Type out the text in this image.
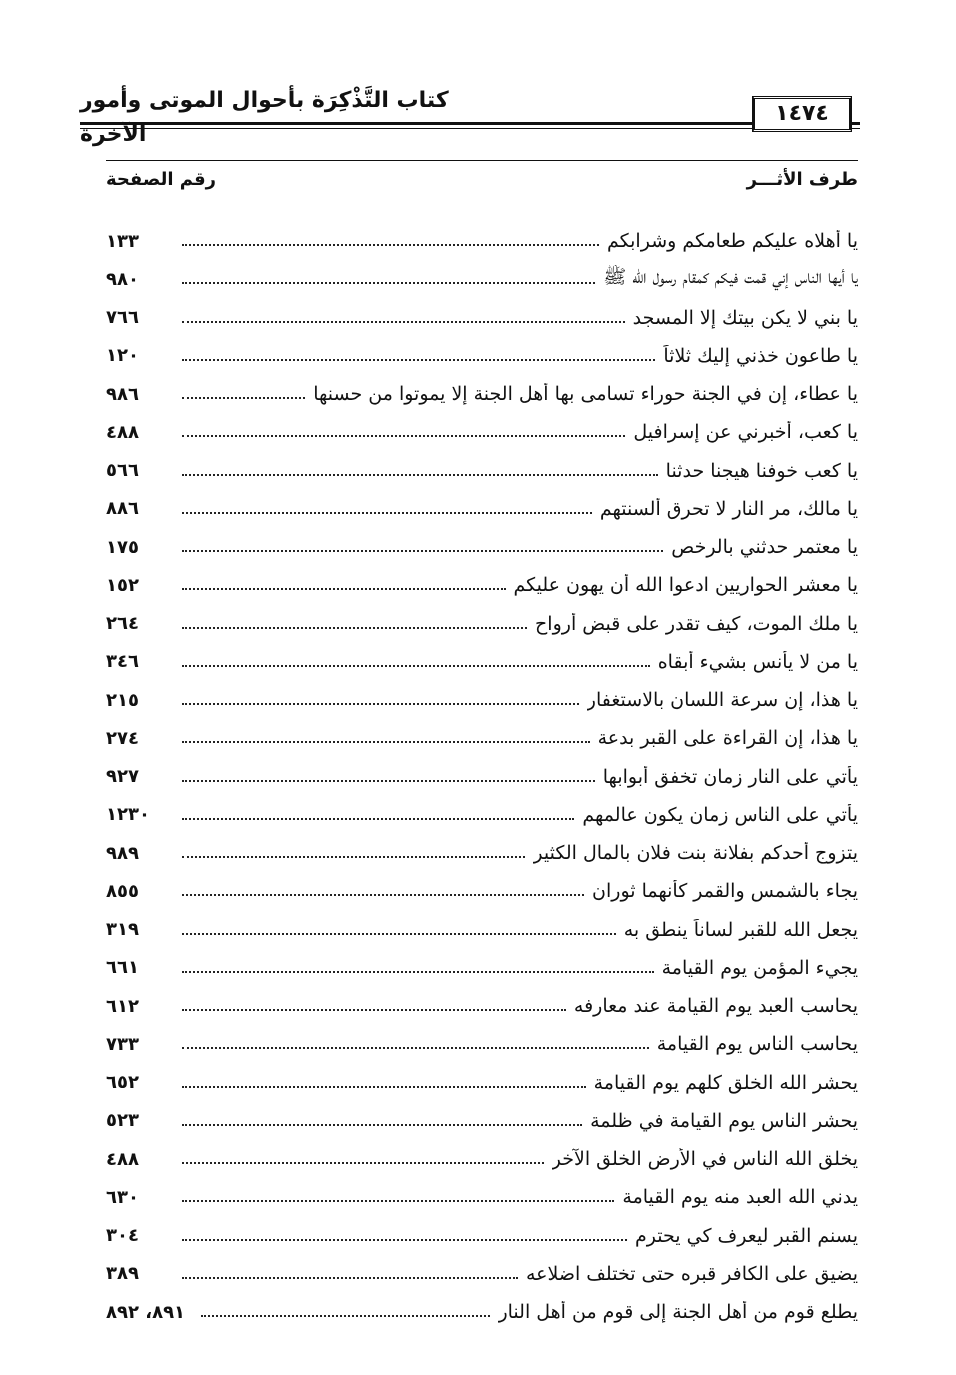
كتاب التَّذْكِرَة بأحوال الموتى وأمور الآخرة
١٤٧٤
رقم الصفحة	طرف الأثـــر
١٣٣	يا أهلاه عليكم طعامكم وشرابكم
٩٨٠	يا أيها الناس إني قمت فيكم كمقام رسول الله ﷺ
٧٦٦	يا بني لا يكن بيتك إلا المسجد
١٢٠	يا طاعون خذني إليك ثلاثاً
٩٨٦	يا عطاء، إن في الجنة حوراء تسامى بها أهل الجنة إلا يموتوا من حسنها
٤٨٨	يا كعب، أخبرني عن إسرافيل
٥٦٦	يا كعب خوفنا هيجنا حدثنا
٨٨٦	يا مالك، مر النار لا تحرق ألسنتهم
١٧٥	يا معتمر حدثني بالرخص
١٥٢	يا معشر الحواريين ادعوا الله أن يهون عليكم
٢٦٤	يا ملك الموت، كيف تقدر على قبض أرواح
٣٤٦	يا من لا يأنس بشيء أبقاه
٢١٥	يا هذا، إن سرعة اللسان بالاستغفار
٢٧٤	يا هذا، إن القراءة على القبر بدعة
٩٢٧	يأتي على النار زمان تخفق أبوابها
١٢٣٠	يأتي على الناس زمان يكون عالمهم
٩٨٩	يتزوج أحدكم بفلانة بنت فلان بالمال الكثير
٨٥٥	يجاء بالشمس والقمر كأنهما ثوران
٣١٩	يجعل الله للقبر لساناً ينطق به
٦٦١	يجيء المؤمن يوم القيامة
٦١٢	يحاسب العبد يوم القيامة عند معارفه
٧٣٣	يحاسب الناس يوم القيامة
٦٥٢	يحشر الله الخلق كلهم يوم القيامة
٥٢٣	يحشر الناس يوم القيامة في ظلمة
٤٨٨	يخلق الله الناس في الأرض الخلق الآخر
٦٣٠	يدني الله العبد منه يوم القيامة
٣٠٤	يسنم القبر ليعرف كي يحترم
٣٨٩	يضيق على الكافر قبره حتى تختلف اضلاعه
٨٩١، ٨٩٢	يطلع قوم من أهل الجنة إلى قوم من أهل النار
